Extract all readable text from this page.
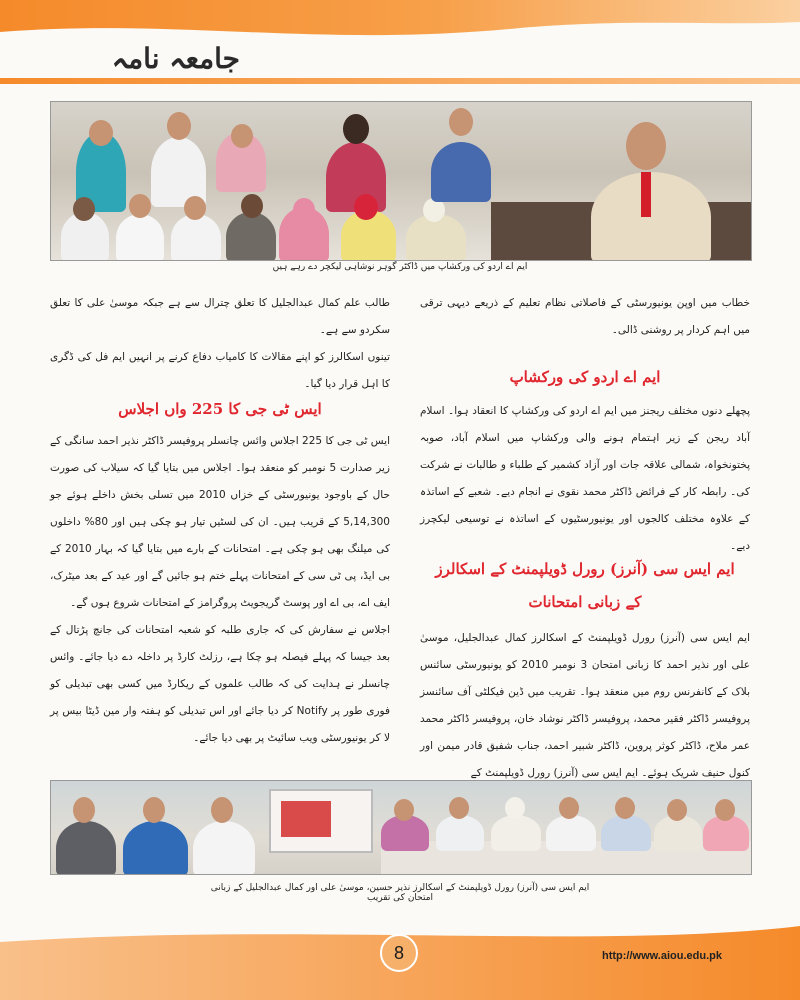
جامعہ نامہ
ایم اے اردو کی ورکشاپ میں ڈاکٹر گوہر نوشاہی لیکچر دے رہے ہیں

خطاب میں اوپن یونیورسٹی کے فاصلاتی نظام تعلیم کے ذریعے دیہی ترقی میں اہم کردار پر روشنی ڈالی۔

ایم اے اردو کی ورکشاپ

پچھلے دنوں مختلف ریجنز میں ایم اے اردو کی ورکشاپ کا انعقاد ہوا۔ اسلام آباد ریجن کے زیر اہتمام ہونے والی ورکشاپ میں اسلام آباد، صوبہ پختونخواہ، شمالی علاقہ جات اور آزاد کشمیر کے طلباء و طالبات نے شرکت کی۔ رابطہ کار کے فرائض ڈاکٹر محمد نقوی نے انجام دیے۔ شعبے کے اساتذہ کے علاوہ مختلف کالجوں اور یونیورسٹیوں کے اساتذہ نے توسیعی لیکچرز دیے۔

ایم ایس سی (آنرز) رورل ڈویلپمنٹ کے اسکالرز
کے زبانی امتحانات

ایم ایس سی (آنرز) رورل ڈویلپمنٹ کے اسکالرز کمال عبدالجلیل، موسیٰ علی اور نذیر احمد کا زبانی امتحان 3 نومبر 2010 کو یونیورسٹی سائنس بلاک کے کانفرنس روم میں منعقد ہوا۔ تقریب میں ڈین فیکلٹی آف سائنسز پروفیسر ڈاکٹر فقیر محمد، پروفیسر ڈاکٹر نوشاد خان، پروفیسر ڈاکٹر محمد عمر ملاح، ڈاکٹر کوثر پروین، ڈاکٹر شبیر احمد، جناب شفیق قادر میمن اور کنول حنیف شریک ہوئے۔ ایم ایس سی (آنرز) رورل ڈویلپمنٹ کے

طالب علم کمال عبدالجلیل کا تعلق چترال سے ہے جبکہ موسیٰ علی کا تعلق سکردو سے ہے۔

تینوں اسکالرز کو اپنے مقالات کا کامیاب دفاع کرنے پر انہیں ایم فل کی ڈگری کا اہل قرار دیا گیا۔

ایس ٹی جی کا 225 واں اجلاس

ایس ٹی جی کا 225 اجلاس وائس چانسلر پروفیسر ڈاکٹر نذیر احمد سانگی کے زیر صدارت 5 نومبر کو منعقد ہوا۔ اجلاس میں بتایا گیا کہ سیلاب کی صورت حال کے باوجود یونیورسٹی کے خزاں 2010 میں تسلی بخش داخلے ہوئے جو 5,14,300 کے قریب ہیں۔ ان کی لسٹیں تیار ہو چکی ہیں اور 80% داخلوں کی میلنگ بھی ہو چکی ہے۔ امتحانات کے بارے میں بتایا گیا کہ بہار 2010 کے بی ایڈ، پی ٹی سی کے امتحانات پہلے ختم ہو جائیں گے اور عید کے بعد میٹرک، ایف اے، بی اے اور پوسٹ گریجویٹ پروگرامز کے امتحانات شروع ہوں گے۔

اجلاس نے سفارش کی کہ جاری طلبہ کو شعبہ امتحانات کی جانچ پڑتال کے بعد جیسا کہ پہلے فیصلہ ہو چکا ہے، رزلٹ کارڈ پر داخلہ دے دیا جائے۔ وائس چانسلر نے ہدایت کی کہ طالب علموں کے ریکارڈ میں کسی بھی تبدیلی کو فوری طور پر Notify کر دیا جائے اور اس تبدیلی کو ہفتہ وار مین ڈیٹا بیس پر لا کر یونیورسٹی ویب سائیٹ پر بھی دیا جائے۔

ایم ایس سی (آنرز) رورل ڈویلپمنٹ کے اسکالرز نذیر حسین، موسیٰ علی اور کمال عبدالجلیل کے زبانی امتحان کی تقریب
8	http://www.aiou.edu.pk
